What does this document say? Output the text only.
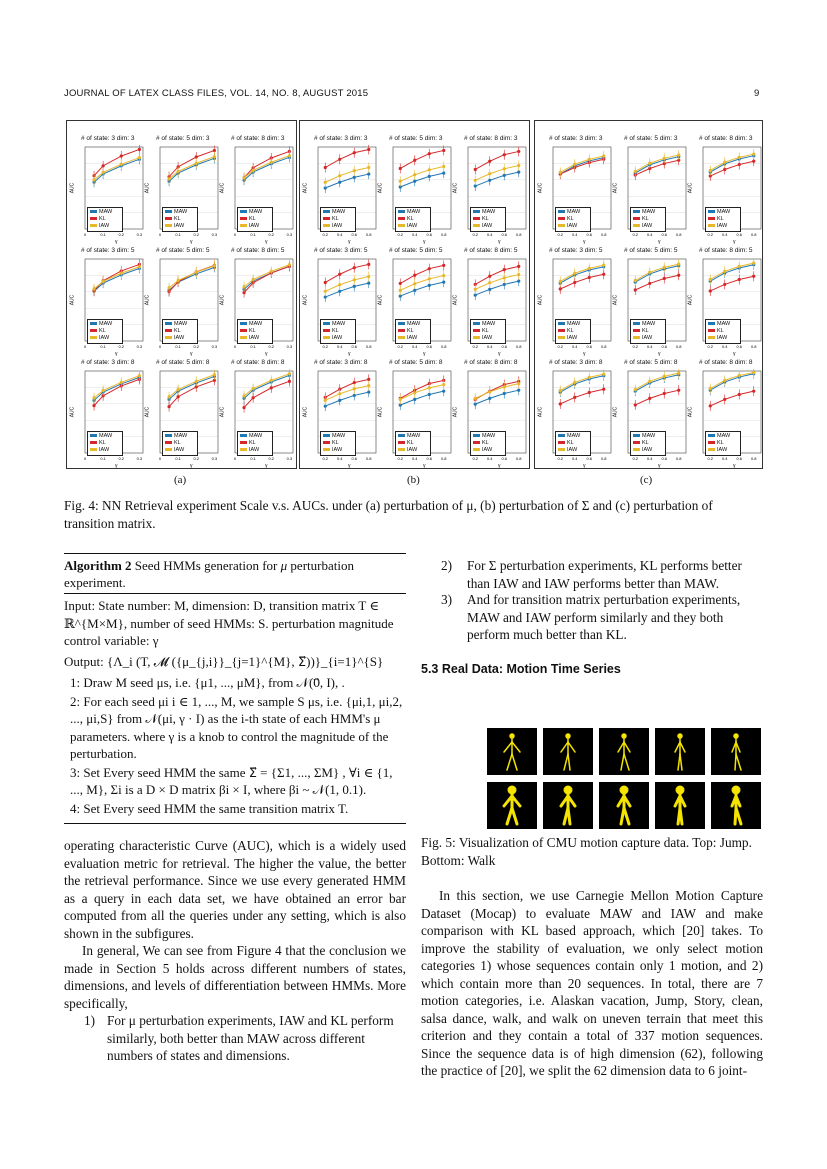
JOURNAL OF LATEX CLASS FILES, VOL. 14, NO. 8, AUGUST 2015	9
# of state: 3 dim: 3
AUC
γ
0	0.1	0.2	0.3
MAW
KL
IAW
# of state: 5 dim: 3
AUC
γ
0	0.1	0.2	0.3
MAW
KL
IAW
# of state: 8 dim: 3
AUC
γ
0	0.1	0.2	0.3
MAW
KL
IAW
# of state: 3 dim: 5
AUC
γ
0	0.1	0.2	0.3
MAW
KL
IAW
# of state: 5 dim: 5
AUC
γ
0	0.1	0.2	0.3
MAW
KL
IAW
# of state: 8 dim: 5
AUC
γ
0	0.1	0.2	0.3
MAW
KL
IAW
# of state: 3 dim: 8
AUC
γ
0	0.1	0.2	0.3
MAW
KL
IAW
# of state: 5 dim: 8
AUC
γ
0	0.1	0.2	0.3
MAW
KL
IAW
# of state: 8 dim: 8
AUC
γ
0	0.1	0.2	0.3
MAW
KL
IAW
# of state: 3 dim: 3
AUC
γ
0.2 0.4 0.6 0.8
MAW
KL
IAW
# of state: 5 dim: 3
AUC
γ
0.2 0.4 0.6 0.8
MAW
KL
IAW
# of state: 8 dim: 3
AUC
γ
0.2 0.4 0.6 0.8
MAW
KL
IAW
# of state: 3 dim: 5
AUC
γ
0.2 0.4 0.6 0.8
MAW
KL
IAW
# of state: 5 dim: 5
AUC
γ
0.2 0.4 0.6 0.8
MAW
KL
IAW
# of state: 8 dim: 5
AUC
γ
0.2 0.4 0.6 0.8
MAW
KL
IAW
# of state: 3 dim: 8
AUC
γ
0.2 0.4 0.6 0.8
MAW
KL
IAW
# of state: 5 dim: 8
AUC
γ
0.2 0.4 0.6 0.8
MAW
KL
IAW
# of state: 8 dim: 8
AUC
γ
0.2 0.4 0.6 0.8
MAW
KL
IAW
# of state: 3 dim: 3
AUC
γ
0.2 0.4 0.6 0.8
MAW
KL
IAW
# of state: 5 dim: 3
AUC
γ
0.2 0.4 0.6 0.8
MAW
KL
IAW
# of state: 8 dim: 3
AUC
γ
0.2 0.4 0.6 0.8
MAW
KL
IAW
# of state: 3 dim: 5
AUC
γ
0.2 0.4 0.6 0.8
MAW
KL
IAW
# of state: 5 dim: 5
AUC
γ
0.2 0.4 0.6 0.8
MAW
KL
IAW
# of state: 8 dim: 5
AUC
γ
0.2 0.4 0.6 0.8
MAW
KL
IAW
# of state: 3 dim: 8
AUC
γ
0.2 0.4 0.6 0.8
MAW
KL
IAW
# of state: 5 dim: 8
AUC
γ
0.2 0.4 0.6 0.8
MAW
KL
IAW
# of state: 8 dim: 8
AUC
γ
0.2 0.4 0.6 0.8
MAW
KL
IAW
(a)	(b)	(c)
Fig. 4: NN Retrieval experiment Scale v.s. AUCs. under (a) perturbation of μ, (b) perturbation of Σ and (c) perturbation of transition matrix.
Algorithm 2 Seed HMMs generation for μ perturbation experiment.
Input: State number: M, dimension: D, transition matrix T ∈ ℝ^{M×M}, number of seed HMMs: S. perturbation magnitude control variable: γ
Output: {Λ_i (T, 𝓜 ({μ_{j,i}}_{j=1}^{M}, Σ⃗))}_{i=1}^{S}
1: Draw M seed μs, i.e. {μ1, ..., μM}, from 𝒩(0⃗, I), .
2: For each seed μi i ∈ 1, ..., M, we sample S μs, i.e. {μi,1, μi,2, ..., μi,S} from 𝒩(μi, γ · I) as the i-th state of each HMM's μ parameters. where γ is a knob to control the magnitude of the perturbation.
3: Set Every seed HMM the same Σ⃗ = {Σ1, ..., ΣM} , ∀i ∈ {1, ..., M}, Σi is a D × D matrix βi × I, where βi ~ 𝒩(1, 0.1).
4: Set Every seed HMM the same transition matrix T.

operating characteristic Curve (AUC), which is a widely used evaluation metric for retrieval. The higher the value, the better the retrieval performance. Since we use every generated HMM as a query in each data set, we have obtained an error bar computed from all the queries under any setting, which is also shown in the subfigures.

In general, We can see from Figure 4 that the conclusion we made in Section 5 holds across different numbers of states, dimensions, and levels of differentiation between HMMs. More specifically,

1) For μ perturbation experiments, IAW and KL perform similarly, both better than MAW across different numbers of states and dimensions.
2) For Σ perturbation experiments, KL performs better than IAW and IAW performs better than MAW.
3) And for transition matrix perturbation experiments, MAW and IAW perform similarly and they both perform much better than KL.
5.3 Real Data: Motion Time Series
Fig. 5: Visualization of CMU motion capture data. Top: Jump. Bottom: Walk

In this section, we use Carnegie Mellon Motion Capture Dataset (Mocap) to evaluate MAW and IAW and make comparison with KL based approach, which [20] takes. To improve the stability of evaluation, we only select motion categories 1) whose sequences contain only 1 motion, and 2) which contain more than 20 sequences. In total, there are 7 motion categories, i.e. Alaskan vacation, Jump, Story, clean, salsa dance, walk, and walk on uneven terrain that meet this criterion and they contain a total of 337 motion sequences. Since the sequence data is of high dimension (62), following the practice of [20], we split the 62 dimension data to 6 joint-
